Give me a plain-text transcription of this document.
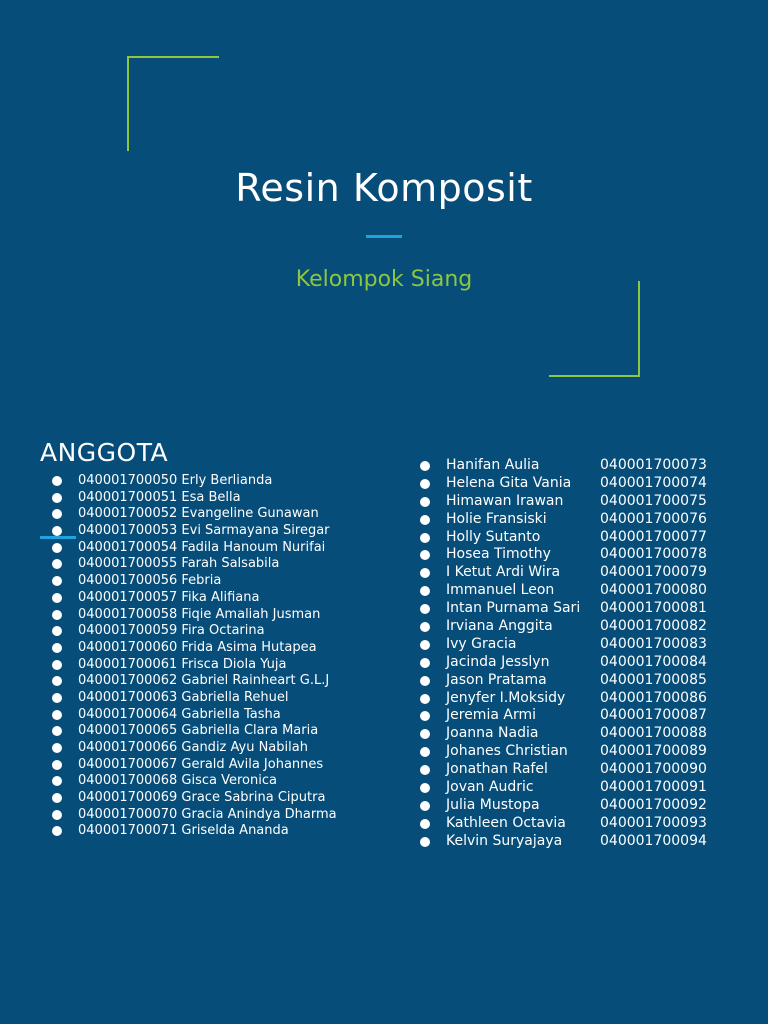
Resin Komposit
Kelompok Siang
ANGGOTA
040001700050 Erly Berlianda
040001700051 Esa Bella
040001700052 Evangeline Gunawan
040001700053 Evi Sarmayana Siregar
040001700054 Fadila Hanoum Nurifai
040001700055 Farah Salsabila
040001700056 Febria
040001700057 Fika Alifiana
040001700058 Fiqie Amaliah Jusman
040001700059 Fira Octarina
040001700060 Frida Asima Hutapea
040001700061 Frisca Diola Yuja
040001700062 Gabriel Rainheart G.L.J
040001700063 Gabriella Rehuel
040001700064 Gabriella Tasha
040001700065 Gabriella Clara Maria
040001700066 Gandiz Ayu Nabilah
040001700067 Gerald Avila Johannes
040001700068 Gisca Veronica
040001700069 Grace Sabrina Ciputra
040001700070 Gracia Anindya Dharma
040001700071 Griselda Ananda
Hanifan Aulia	040001700073
Helena Gita Vania 040001700074
Himawan Irawan	040001700075
Holie Fransiski	040001700076
Holly Sutanto	040001700077
Hosea Timothy	040001700078
I Ketut Ardi Wira	040001700079
Immanuel Leon	040001700080
Intan Purnama Sari 040001700081
Irviana Anggita	040001700082
Ivy Gracia	040001700083
Jacinda Jesslyn	040001700084
Jason Pratama	040001700085
Jenyfer I.Moksidy 040001700086
Jeremia Armi	040001700087
Joanna Nadia	040001700088
Johanes Christian 040001700089
Jonathan Rafel	040001700090
Jovan Audric	040001700091
Julia Mustopa	040001700092
Kathleen Octavia 040001700093
Kelvin Suryajaya	040001700094
